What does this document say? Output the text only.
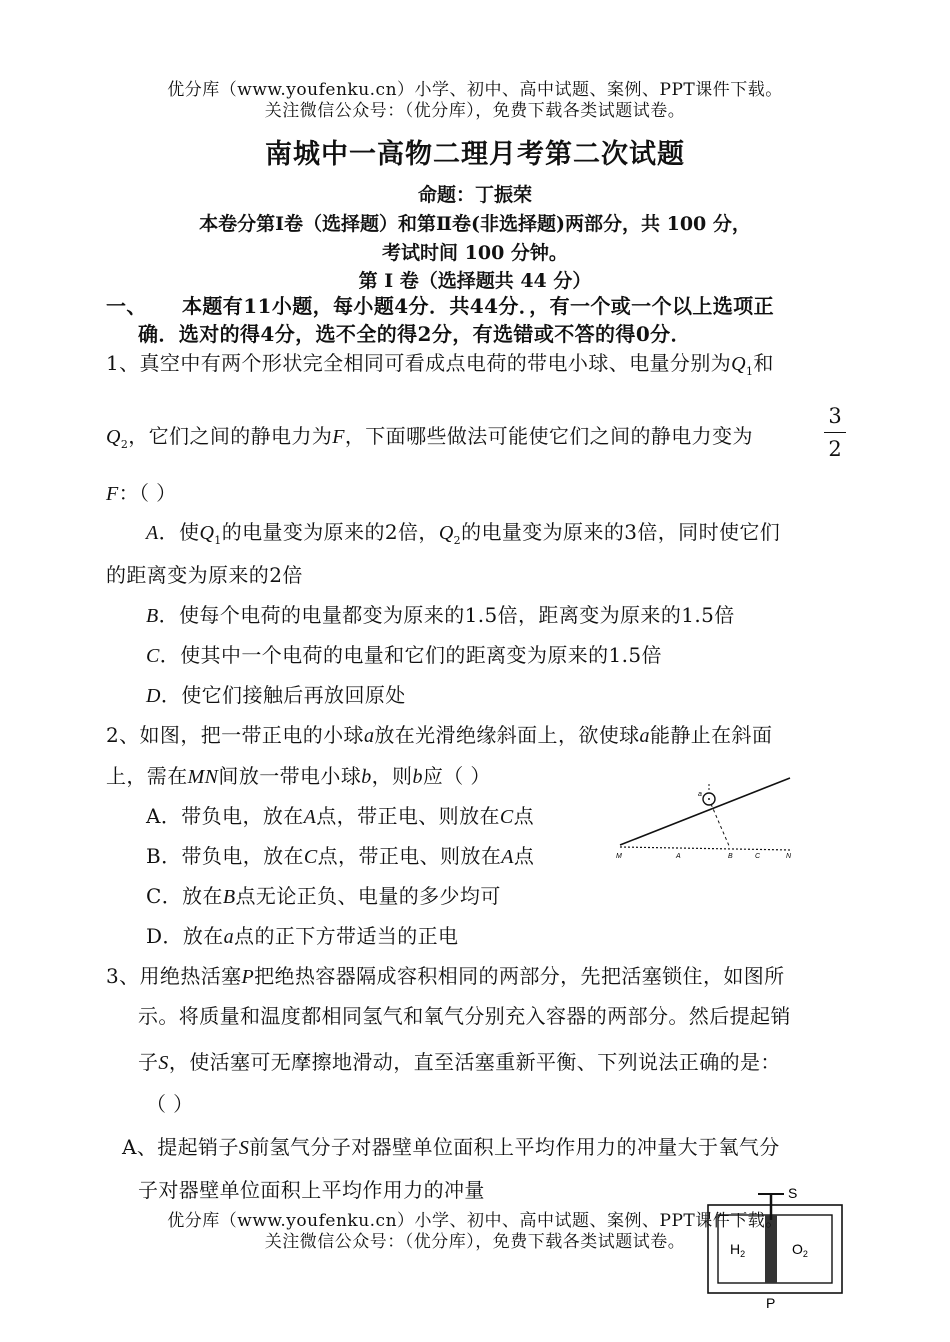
优分库（www.youfenku.cn）小学、初中、高中试题、案例、PPT课件下载。
关注微信公众号：（优分库），免费下载各类试题试卷。
南城中一高物二理月考第二次试题
命题：丁振荣
本卷分第Ⅰ卷（选择题）和第Ⅱ卷(非选择题)两部分，共 100 分，
考试时间 100 分钟。
第 Ⅰ 卷（选择题共 44 分）
一、 本题有11小题，每小题4分．共44分．，有一个或一个以上选项正
确．选对的得4分，选不全的得2分，有选错或不答的得0分．
1、真空中有两个形状完全相同可看成点电荷的带电小球、电量分别为$Q_1$和
$Q_2$，它们之间的静电力为F，下面哪些做法可能使它们之间的静电力变为
3
2
F：（ ）
A．使$Q_1$的电量变为原来的2倍，$Q_2$的电量变为原来的3倍，同时使它们
的距离变为原来的2倍
B．使每个电荷的电量都变为原来的1.5倍，距离变为原来的1.5倍
C．使其中一个电荷的电量和它们的距离变为原来的1.5倍
D．使它们接触后再放回原处
2、如图，把一带正电的小球a放在光滑绝缘斜面上，欲使球a能静止在斜面
上，需在MN间放一带电小球b，则b应（ ）
A．带负电，放在A点，带正电、则放在C点
B．带负电，放在C点，带正电、则放在A点
C．放在B点无论正负、电量的多少均可
D．放在a点的正下方带适当的正电
a
M	A	B	C	N
3、用绝热活塞P把绝热容器隔成容积相同的两部分，先把活塞锁住，如图所
示。将质量和温度都相同氢气和氧气分别充入容器的两部分。然后提起销
子S，使活塞可无摩擦地滑动，直至活塞重新平衡、下列说法正确的是：
（ ）
A、提起销子S前氢气分子对器壁单位面积上平均作用力的冲量大于氧气分
子对器壁单位面积上平均作用力的冲量	S
$H_2$	$O_2$
P
优分库（www.youfenku.cn）小学、初中、高中试题、案例、PPT课件下载。
关注微信公众号：（优分库），免费下载各类试题试卷。
